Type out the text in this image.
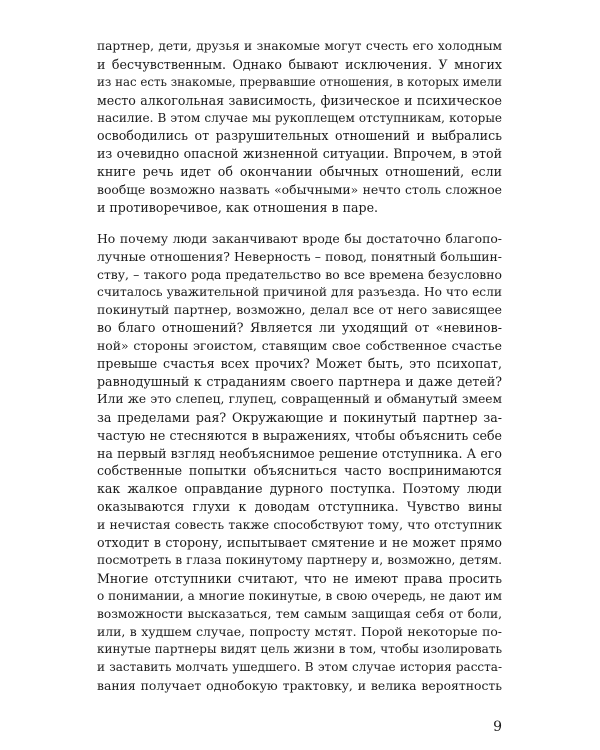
партнер, дети, друзья и знакомые могут счесть его холодным
и бесчувственным. Однако бывают исключения. У многих
из нас есть знакомые, прервавшие отношения, в которых имели
место алкогольная зависимость, физическое и психическое
насилие. В этом случае мы рукоплещем отступникам, которые
освободились от разрушительных отношений и выбрались
из очевидно опасной жизненной ситуации. Впрочем, в этой
книге речь идет об окончании обычных отношений, если
вообще возможно назвать «обычными» нечто столь сложное
и противоречивое, как отношения в паре.
Но почему люди заканчивают вроде бы достаточно благопо-
лучные отношения? Неверность – повод, понятный большин-
ству, – такого рода предательство во все времена безусловно
считалось уважительной причиной для разъезда. Но что если
покинутый партнер, возможно, делал все от него зависящее
во благо отношений? Является ли уходящий от «невинов-
ной» стороны эгоистом, ставящим свое собственное счастье
превыше счастья всех прочих? Может быть, это психопат,
равнодушный к страданиям своего партнера и даже детей?
Или же это слепец, глупец, совращенный и обманутый змеем
за пределами рая? Окружающие и покинутый партнер за-
частую не стесняются в выражениях, чтобы объяснить себе
на первый взгляд необъяснимое решение отступника. А его
собственные попытки объясниться часто воспринимаются
как жалкое оправдание дурного поступка. Поэтому люди
оказываются глухи к доводам отступника. Чувство вины
и нечистая совесть также способствуют тому, что отступник
отходит в сторону, испытывает смятение и не может прямо
посмотреть в глаза покинутому партнеру и, возможно, детям.
Многие отступники считают, что не имеют права просить
о понимании, а многие покинутые, в свою очередь, не дают им
возможности высказаться, тем самым защищая себя от боли,
или, в худшем случае, попросту мстят. Порой некоторые по-
кинутые партнеры видят цель жизни в том, чтобы изолировать
и заставить молчать ушедшего. В этом случае история расста-
вания получает однобокую трактовку, и велика вероятность
9
